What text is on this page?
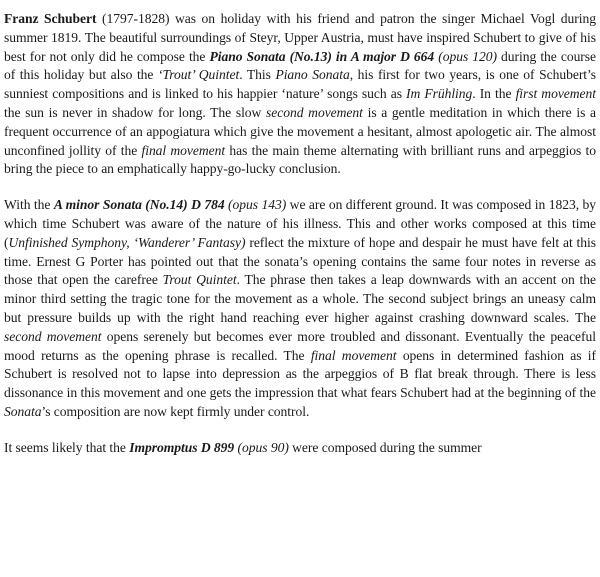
Franz Schubert (1797-1828) was on holiday with his friend and patron the singer Michael Vogl during summer 1819. The beautiful surroundings of Steyr, Upper Austria, must have inspired Schubert to give of his best for not only did he compose the Piano Sonata (No.13) in A major D 664 (opus 120) during the course of this holiday but also the ‘Trout’ Quintet. This Piano Sonata, his first for two years, is one of Schubert’s sunniest compositions and is linked to his happier ‘nature’ songs such as Im Frühling. In the first movement the sun is never in shadow for long. The slow second movement is a gentle meditation in which there is a frequent occurrence of an appogiatura which give the movement a hesitant, almost apologetic air. The almost unconfined jollity of the final movement has the main theme alternating with brilliant runs and arpeggios to bring the piece to an emphatically happy-go-lucky conclusion.

With the A minor Sonata (No.14) D 784 (opus 143) we are on different ground. It was composed in 1823, by which time Schubert was aware of the nature of his illness. This and other works composed at this time (Unfinished Symphony, ‘Wanderer’ Fantasy) reflect the mixture of hope and despair he must have felt at this time. Ernest G Porter has pointed out that the sonata’s opening contains the same four notes in reverse as those that open the carefree Trout Quintet. The phrase then takes a leap downwards with an accent on the minor third setting the tragic tone for the movement as a whole. The second subject brings an uneasy calm but pressure builds up with the right hand reaching ever higher against crashing downward scales. The second movement opens serenely but becomes ever more troubled and dissonant. Eventually the peaceful mood returns as the opening phrase is recalled. The final movement opens in determined fashion as if Schubert is resolved not to lapse into depression as the arpeggios of B flat break through. There is less dissonance in this movement and one gets the impression that what fears Schubert had at the beginning of the Sonata’s composition are now kept firmly under control.

It seems likely that the Impromptus D 899 (opus 90) were composed during the summer
